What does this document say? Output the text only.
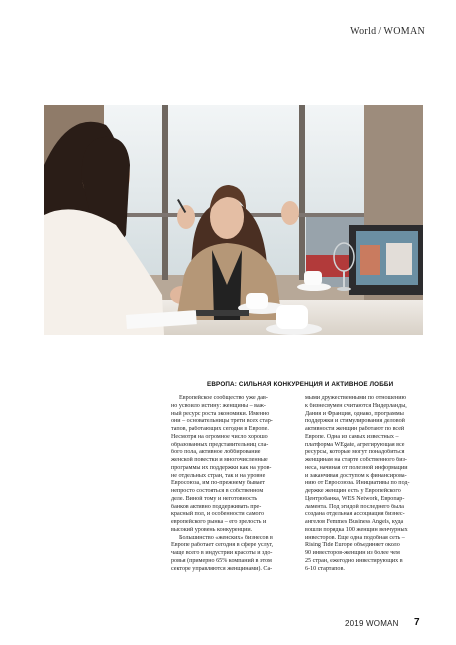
World / WOMAN
ЕВРОПА: СИЛЬНАЯ КОНКУРЕНЦИЯ И АКТИВНОЕ ЛОББИ
Европейское сообщество уже дав-
но усвоило истину: женщины – важ-
ный ресурс роста экономики. Именно
они – основательницы трети всех стар-
тапов, работающих сегодня в Европе.
Несмотря на огромное число хорошо
образованных представительниц сла-
бого пола, активное лоббирование
женской повестки и многочисленные
программы их поддержки как на уров-
не отдельных стран, так и на уровне
Евросоюза, им по-прежнему бывает
непросто состояться в собственном
деле. Виной тому и неготовность
банков активно поддерживать пре-
красный пол, и особенности самого
европейского рынка – его зрелость и
высокий уровень конкуренции.
Большинство «женских» бизнесов в
Европе работает сегодня в сфере услуг,
чаще всего в индустрии красоты и здо-
ровья (примерно 65% компаний в этом
секторе управляются женщинами). Са-
мыми дружественными по отношению
к бизнесвумен считаются Нидерланды,
Дания и Франция, однако, программы
поддержки и стимулирования деловой
активности женщин работают по всей
Европе. Одна из самых известных –
платформа WEgate, агрегирующая все
ресурсы, которые могут понадобиться
женщинам на старте собственного биз-
неса, начиная от полезной информации
и заканчивая доступом к финансирова-
нию от Евросоюза. Инициативы по под-
держке женщин есть у Европейского
Центробанка, WES Network, Европар-
ламента. Под эгидой последнего была
создана отдельная ассоциация бизнес-
ангелов Femmes Business Angels, куда
вошли порядка 100 женщин венчурных
инвесторов. Еще одна подобная сеть –
Rising Tide Europe объединяет около
90 инвесторов-женщин из более чем
25 стран, ежегодно инвестирующих в
6-10 стартапов.
2019 WOMAN 7
